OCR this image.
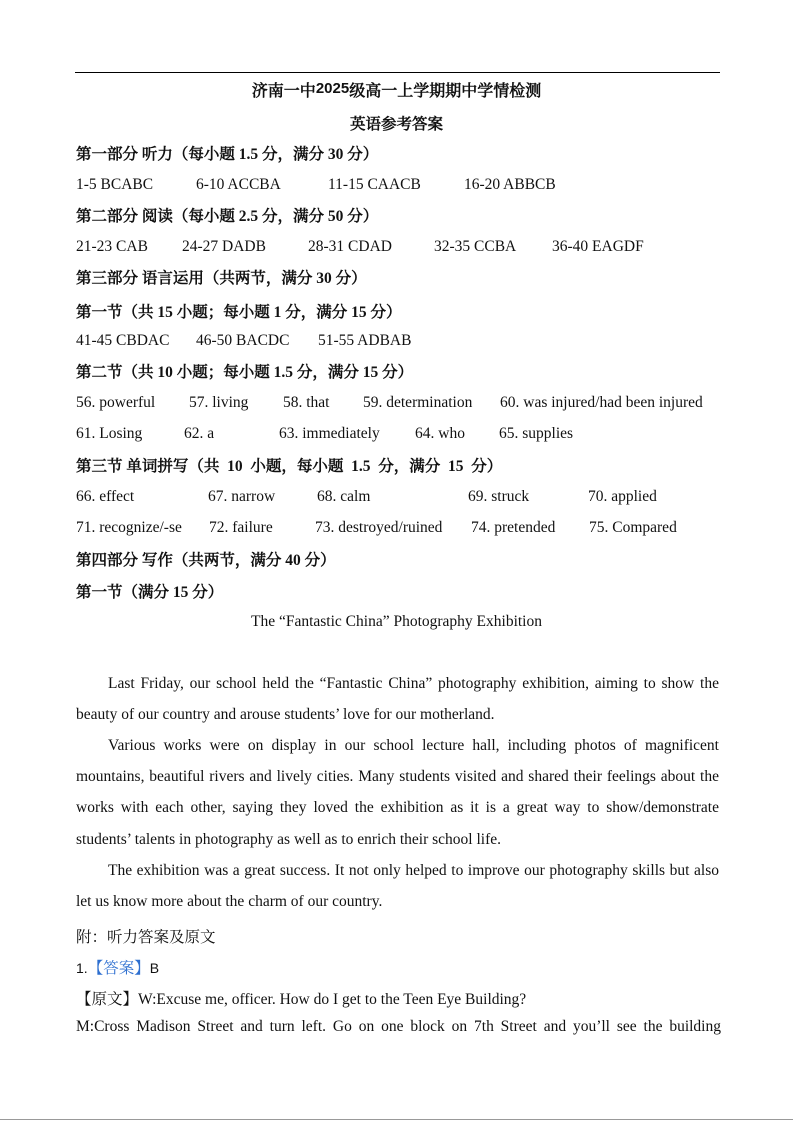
济南一中2025级高一上学期期中学情检测
英语参考答案
第一部分 听力（每小题 1.5 分，满分 30 分）
1-5 BCABC	6-10 ACCBA	11-15 CAACB	16-20 ABBCB
第二部分 阅读（每小题 2.5 分，满分 50 分）
21-23 CAB 24-27 DADB	28-31 CDAD	32-35 CCBA 36-40 EAGDF
第三部分 语言运用（共两节，满分 30 分）
第一节（共 15 小题；每小题 1 分，满分 15 分）
41-45 CBDAC 46-50 BACDC 51-55 ADBAB
第二节（共 10 小题；每小题 1.5 分，满分 15 分）
56. powerful 57. living 58. that 59. determination 60. was injured/had been injured
61. Losing	62. a	63. immediately 64. who 65. supplies
第三节 单词拼写（共  10  小题，每小题  1.5  分，满分  15  分）
66. effect	67. narrow	68. calm	69. struck	70. applied
71. recognize/-se 72. failure	73. destroyed/ruined 74. pretended 75. Compared
第四部分 写作（共两节，满分 40 分）
第一节（满分 15 分）
The “Fantastic China” Photography Exhibition
Last Friday, our school held the “Fantastic China” photography exhibition, aiming to show the beauty of our country and arouse students’ love for our motherland.
Various works were on display in our school lecture hall, including photos of magnificent mountains, beautiful rivers and lively cities. Many students visited and shared their feelings about the works with each other, saying they loved the exhibition as it is a great way to show/demonstrate students’ talents in photography as well as to enrich their school life.
The exhibition was a great success. It not only helped to improve our photography skills but also let us know more about the charm of our country.
附：听力答案及原文
1.【答案】B
【原文】W:Excuse me, officer. How do I get to the Teen Eye Building?
M:Cross Madison Street and turn left. Go on one block on 7th Street and you’ll see the building
